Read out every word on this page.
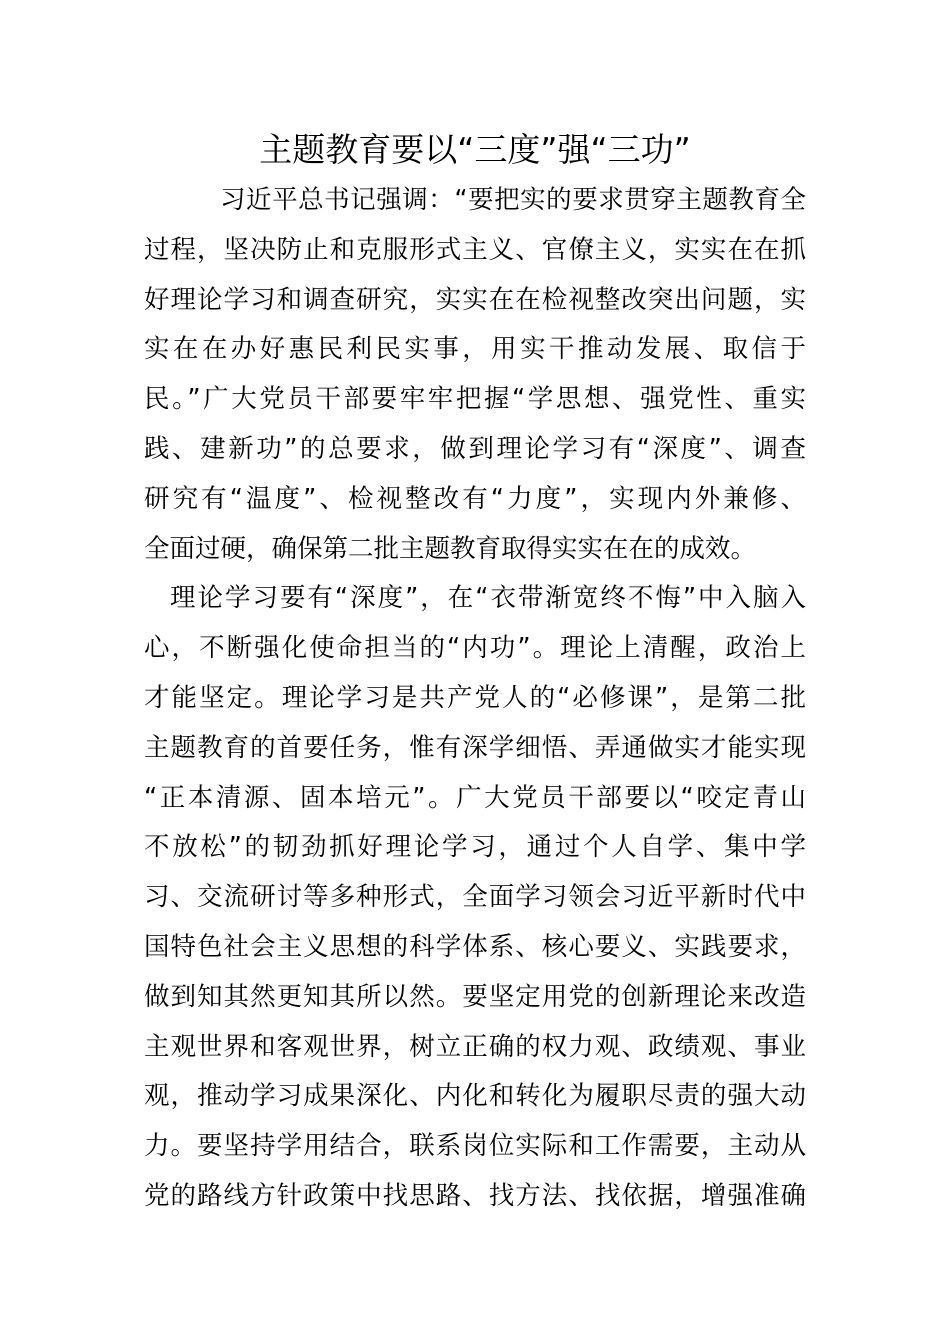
主题教育要以“三度”强“三功”
习近平总书记强调：“要把实的要求贯穿主题教育全
过程，坚决防止和克服形式主义、官僚主义，实实在在抓
好理论学习和调查研究，实实在在检视整改突出问题，实
实在在办好惠民利民实事，用实干推动发展、取信于
民。”广大党员干部要牢牢把握“学思想、强党性、重实
践、建新功”的总要求，做到理论学习有“深度”、调查
研究有“温度”、检视整改有“力度”，实现内外兼修、
全面过硬，确保第二批主题教育取得实实在在的成效。
理论学习要有“深度”，在“衣带渐宽终不悔”中入脑入
心，不断强化使命担当的“内功”。理论上清醒，政治上
才能坚定。理论学习是共产党人的“必修课”，是第二批
主题教育的首要任务，惟有深学细悟、弄通做实才能实现
“正本清源、固本培元”。广大党员干部要以“咬定青山
不放松”的韧劲抓好理论学习，通过个人自学、集中学
习、交流研讨等多种形式，全面学习领会习近平新时代中
国特色社会主义思想的科学体系、核心要义、实践要求，
做到知其然更知其所以然。要坚定用党的创新理论来改造
主观世界和客观世界，树立正确的权力观、政绩观、事业
观，推动学习成果深化、内化和转化为履职尽责的强大动
力。要坚持学用结合，联系岗位实际和工作需要，主动从
党的路线方针政策中找思路、找方法、找依据，增强准确
